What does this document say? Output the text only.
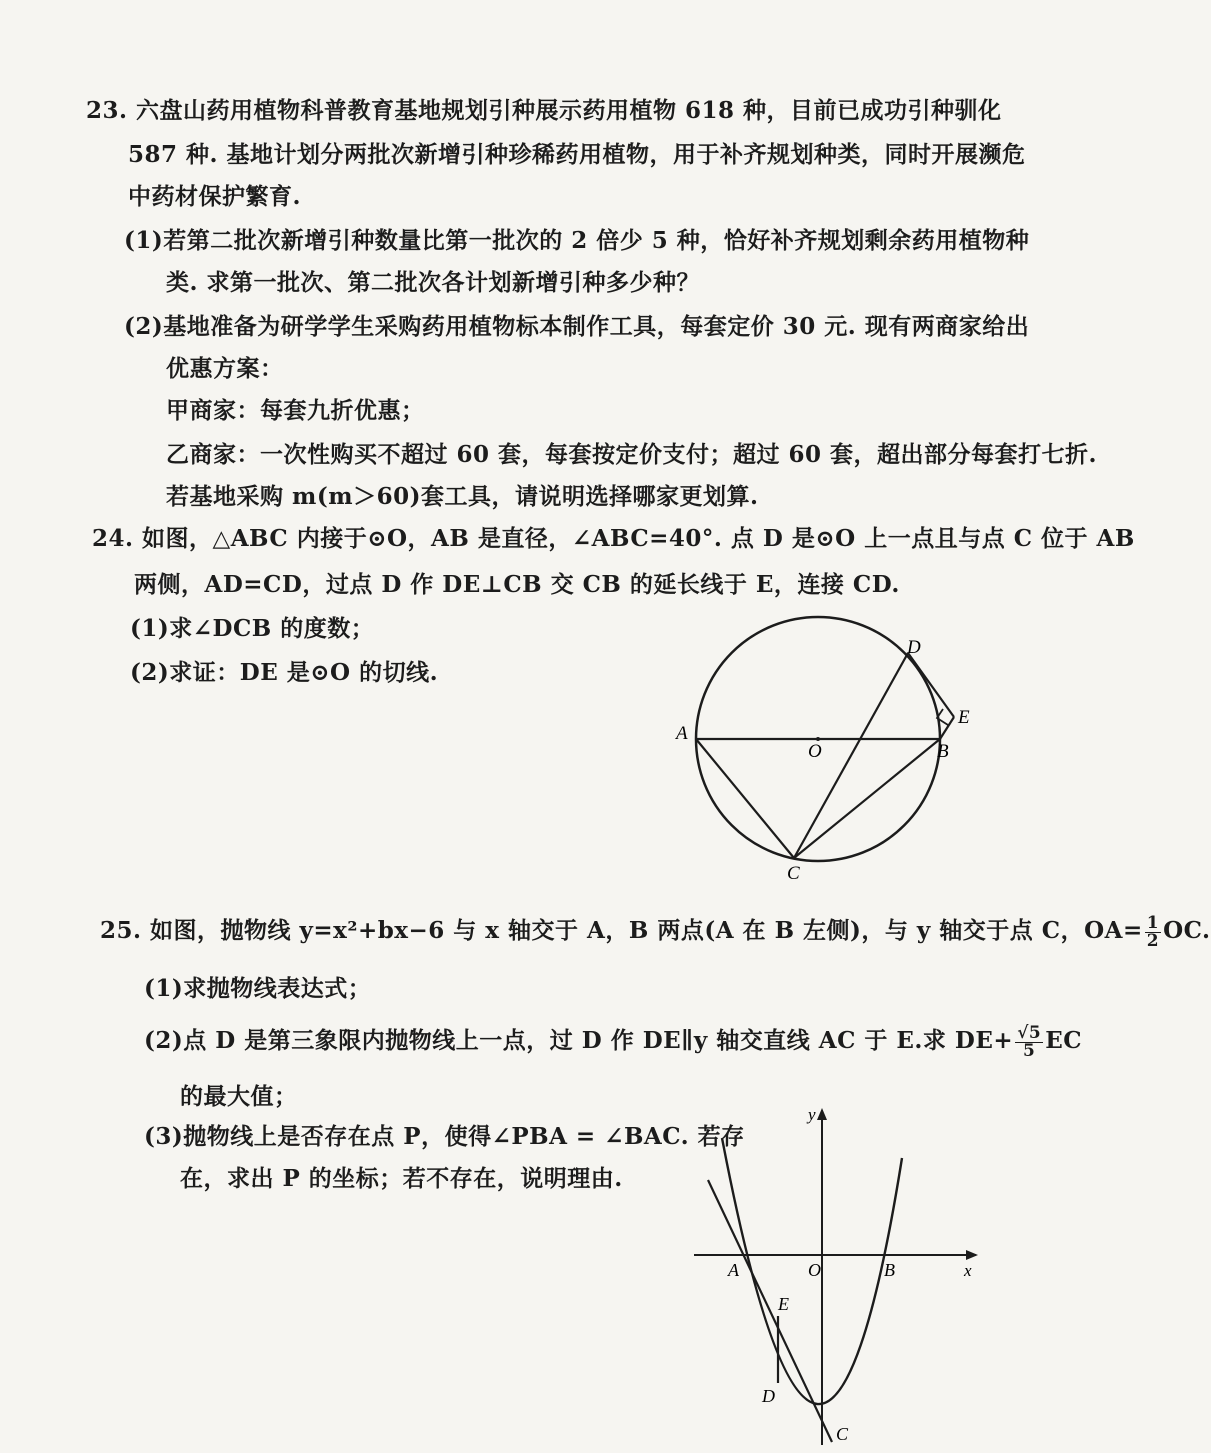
23. 六盘山药用植物科普教育基地规划引种展示药用植物 618 种，目前已成功引种驯化
587 种. 基地计划分两批次新增引种珍稀药用植物，用于补齐规划种类，同时开展濒危
中药材保护繁育.
(1)若第二批次新增引种数量比第一批次的 2 倍少 5 种，恰好补齐规划剩余药用植物种
类. 求第一批次、第二批次各计划新增引种多少种？
(2)基地准备为研学学生采购药用植物标本制作工具，每套定价 30 元. 现有两商家给出
优惠方案：
甲商家：每套九折优惠；
乙商家：一次性购买不超过 60 套，每套按定价支付；超过 60 套，超出部分每套打七折.
若基地采购 m(m＞60)套工具，请说明选择哪家更划算.
24. 如图，△ABC 内接于⊙O，AB 是直径，∠ABC=40°. 点 D 是⊙O 上一点且与点 C 位于 AB
两侧，AD=CD，过点 D 作 DE⊥CB 交 CB 的延长线于 E，连接 CD.
(1)求∠DCB 的度数；
(2)求证：DE 是⊙O 的切线.
A
B
C
D
E
O
25. 如图，抛物线 y=x²+bx−6 与 x 轴交于 A，B 两点(A 在 B 左侧)，与 y 轴交于点 C，$OA= \frac{1}{2}$ OC.
(1)求抛物线表达式；
(2)点 D 是第三象限内抛物线上一点，过 D 作 DE∥y 轴交直线 AC 于 E.求 $DE+ \frac{√5}{5}$ EC
的最大值；
(3)抛物线上是否存在点 P，使得∠PBA = ∠BAC. 若存
在，求出 P 的坐标；若不存在，说明理由.
y
x
A	O	B
E
D
C
